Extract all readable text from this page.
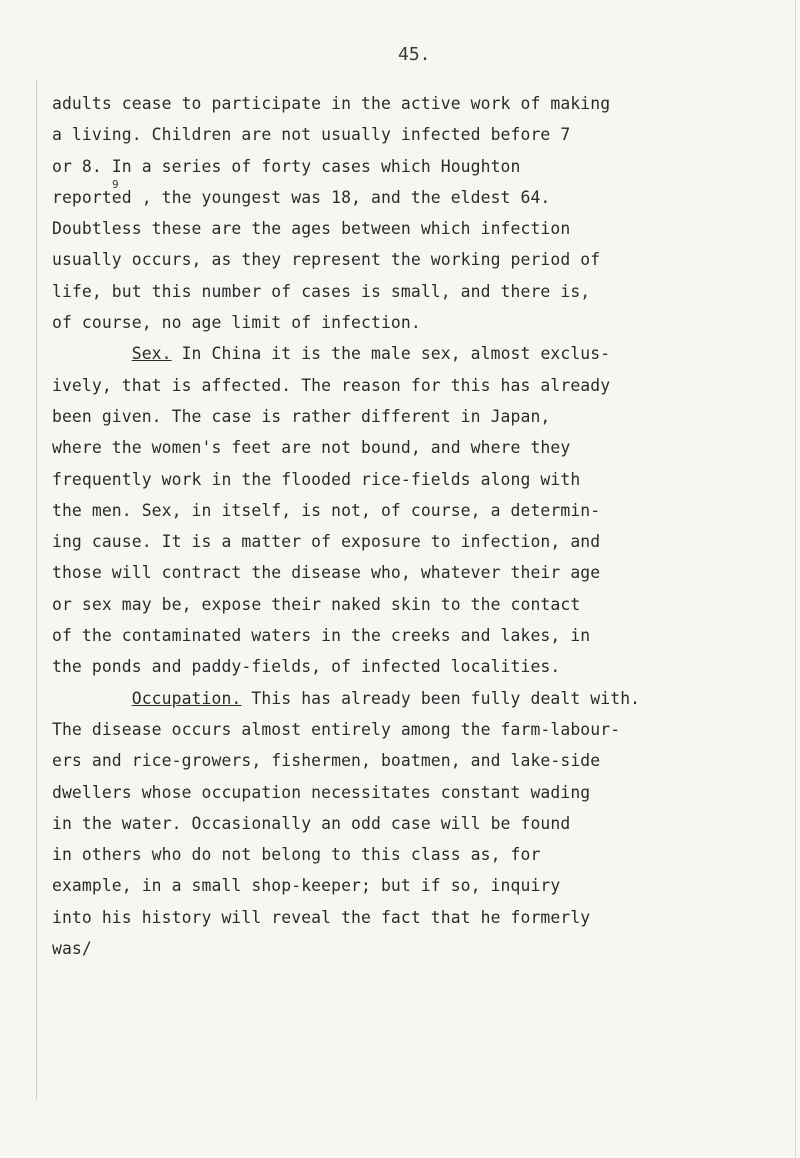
45.
adults cease to participate in the active work of making
a living. Children are not usually infected before 7
or 8. In a series of forty cases which Houghton
reported , the youngest was 18, and the eldest 64.
Doubtless these are the ages between which infection
usually occurs, as they represent the working period of
life, but this number of cases is small, and there is,
of course, no age limit of infection.
Sex. In China it is the male sex, almost exclus-
ively, that is affected. The reason for this has already
been given. The case is rather different in Japan,
where the women's feet are not bound, and where they
frequently work in the flooded rice-fields along with
the men. Sex, in itself, is not, of course, a determin-
ing cause. It is a matter of exposure to infection, and
those will contract the disease who, whatever their age
or sex may be, expose their naked skin to the contact
of the contaminated waters in the creeks and lakes, in
the ponds and paddy-fields, of infected localities.
Occupation. This has already been fully dealt with.
The disease occurs almost entirely among the farm-labour-
ers and rice-growers, fishermen, boatmen, and lake-side
dwellers whose occupation necessitates constant wading
in the water. Occasionally an odd case will be found
in others who do not belong to this class as, for
example, in a small shop-keeper; but if so, inquiry
into his history will reveal the fact that he formerly
was/
9
